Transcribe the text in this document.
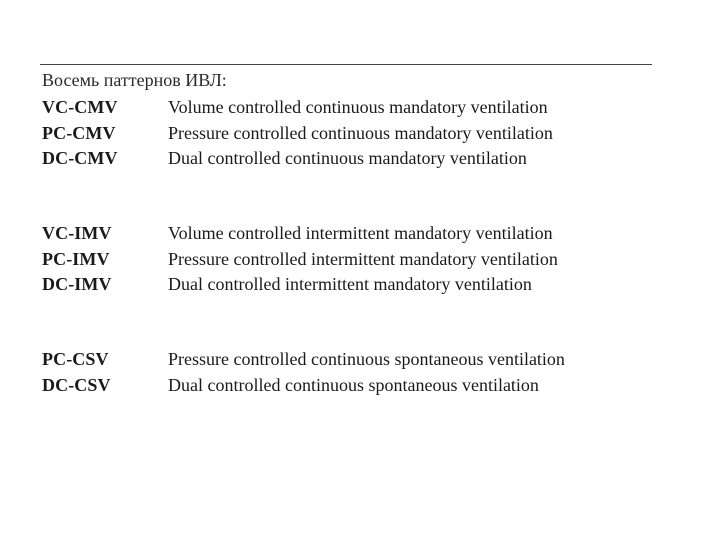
Восемь паттернов ИВЛ:
VC-CMV	Volume controlled continuous mandatory ventilation
PC-CMV	Pressure controlled continuous mandatory ventilation
DC-CMV	Dual controlled continuous mandatory ventilation
VC-IMV	Volume controlled intermittent mandatory ventilation
PC-IMV	Pressure controlled intermittent mandatory ventilation
DC-IMV	Dual controlled intermittent mandatory ventilation
PC-CSV	Pressure controlled continuous spontaneous ventilation
DC-CSV	Dual controlled continuous spontaneous ventilation
